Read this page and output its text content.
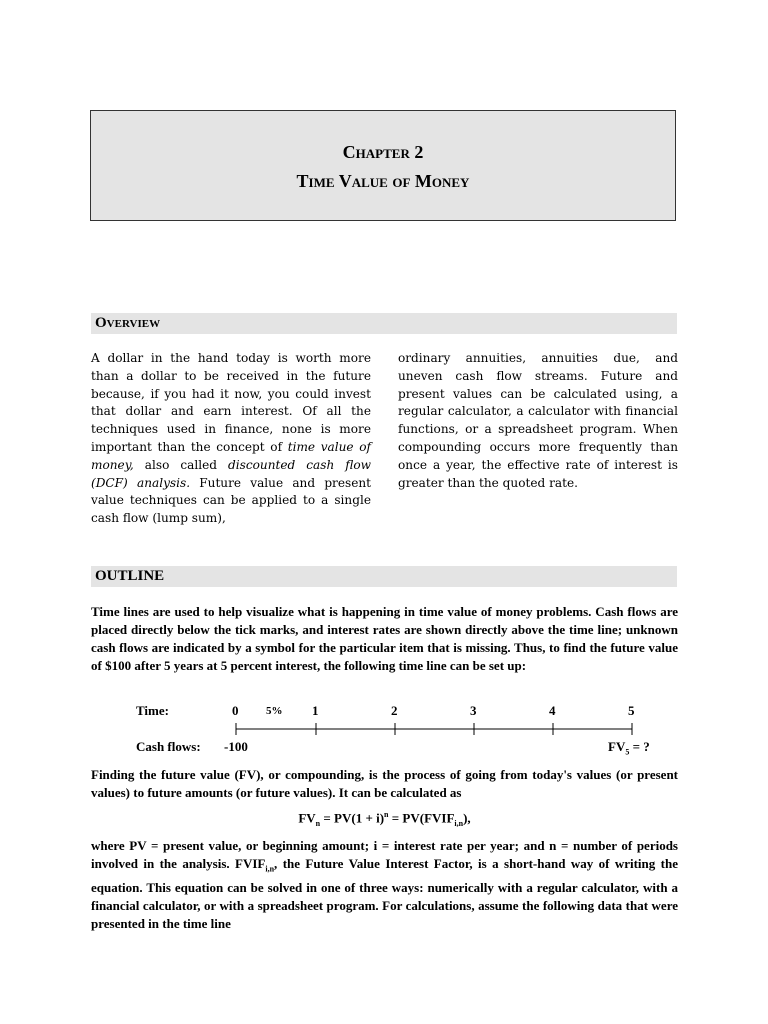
Chapter 2
Time Value of Money
Overview

A dollar in the hand today is worth more than a dollar to be received in the future because, if you had it now, you could invest that dollar and earn interest. Of all the techniques used in finance, none is more important than the concept of time value of money, also called discounted cash flow (DCF) analysis. Future value and present value techniques can be applied to a single cash flow (lump sum),

ordinary annuities, annuities due, and uneven cash flow streams. Future and present values can be calculated using, a regular calculator, a calculator with financial functions, or a spreadsheet program. When compounding occurs more frequently than once a year, the effective rate of interest is greater than the quoted rate.

OUTLINE

Time lines are used to help visualize what is happening in time value of money problems. Cash flows are placed directly below the tick marks, and interest rates are shown directly above the time line; unknown cash flows are indicated by a symbol for the particular item that is missing. Thus, to find the future value of $100 after 5 years at 5 percent interest, the following time line can be set up:

Time:	0	5% 1	2	3	4	5
Cash flows: -100	$FV_5$ = ?

Finding the future value (FV), or compounding, is the process of going from today's values (or present values) to future amounts (or future values). It can be calculated as

$FV_n = PV(1 + i)^n$ = $PV(FVIF_{i,n})$,

where PV = present value, or beginning amount; i = interest rate per year; and n = number of periods involved in the analysis. $FVIF_{i,n}$, the Future Value Interest Factor, is a short-hand way of writing the equation. This equation can be solved in one of three ways: numerically with a regular calculator, with a financial calculator, or with a spreadsheet program. For calculations, assume the following data that were presented in the time line
